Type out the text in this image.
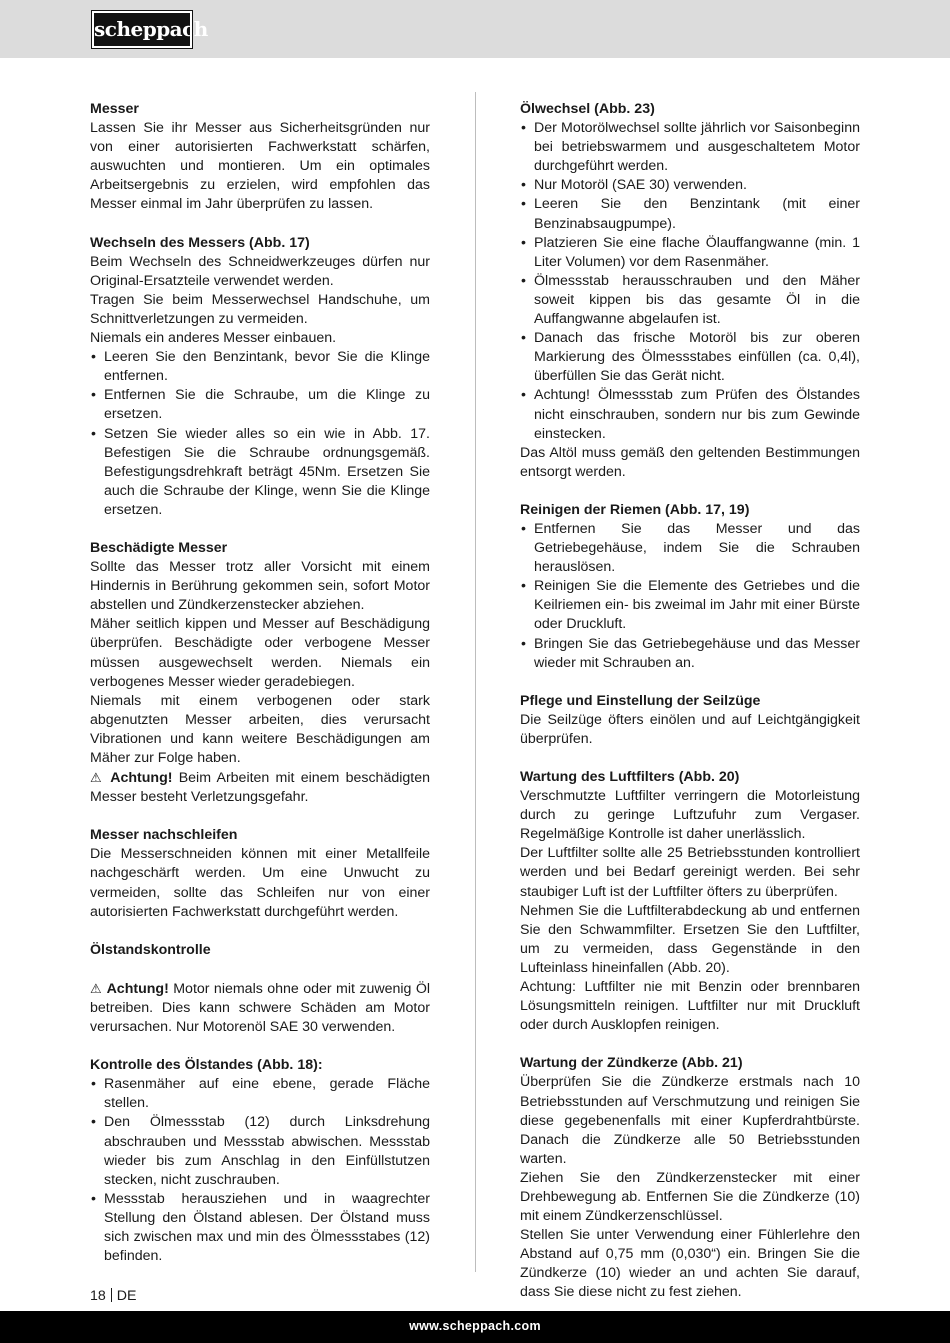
scheppach
Messer
Lassen Sie ihr Messer aus Sicherheitsgründen nur von einer autorisierten Fachwerkstatt schärfen, auswuchten und montieren. Um ein optimales Arbeitsergebnis zu erzielen, wird empfohlen das Messer einmal im Jahr überprüfen zu lassen.
Wechseln des Messers (Abb. 17)
Beim Wechseln des Schneidwerkzeuges dürfen nur Original-Ersatzteile verwendet werden.
Tragen Sie beim Messerwechsel Handschuhe, um Schnittverletzungen zu vermeiden.
Niemals ein anderes Messer einbauen.
• Leeren Sie den Benzintank, bevor Sie die Klinge entfernen.
• Entfernen Sie die Schraube, um die Klinge zu ersetzen.
• Setzen Sie wieder alles so ein wie in Abb. 17. Befestigen Sie die Schraube ordnungsgemäß. Befestigungsdrehkraft beträgt 45Nm. Ersetzen Sie auch die Schraube der Klinge, wenn Sie die Klinge ersetzen.
Beschädigte Messer
Sollte das Messer trotz aller Vorsicht mit einem Hindernis in Berührung gekommen sein, sofort Motor abstellen und Zündkerzenstecker abziehen.
Mäher seitlich kippen und Messer auf Beschädigung überprüfen. Beschädigte oder verbogene Messer müssen ausgewechselt werden. Niemals ein verbogenes Messer wieder geradebiegen.
Niemals mit einem verbogenen oder stark abgenutzten Messer arbeiten, dies verursacht Vibrationen und kann weitere Beschädigungen am Mäher zur Folge haben.
⚠ Achtung! Beim Arbeiten mit einem beschädigten Messer besteht Verletzungsgefahr.
Messer nachschleifen
Die Messerschneiden können mit einer Metallfeile nachgeschärft werden. Um eine Unwucht zu vermeiden, sollte das Schleifen nur von einer autorisierten Fachwerkstatt durchgeführt werden.
Ölstandskontrolle
⚠ Achtung! Motor niemals ohne oder mit zuwenig Öl betreiben. Dies kann schwere Schäden am Motor verursachen. Nur Motorenöl SAE 30 verwenden.
Kontrolle des Ölstandes (Abb. 18):
• Rasenmäher auf eine ebene, gerade Fläche stellen.
• Den Ölmessstab (12) durch Linksdrehung abschrauben und Messstab abwischen. Messstab wieder bis zum Anschlag in den Einfüllstutzen stecken, nicht zuschrauben.
• Messstab herausziehen und in waagrechter Stellung den Ölstand ablesen. Der Ölstand muss sich zwischen max und min des Ölmessstabes (12) befinden.
Ölwechsel (Abb. 23)
• Der Motorölwechsel sollte jährlich vor Saisonbeginn bei betriebswarmem und ausgeschaltetem Motor durchgeführt werden.
• Nur Motoröl (SAE 30) verwenden.
• Leeren Sie den Benzintank (mit einer Benzinabsaugpumpe).
• Platzieren Sie eine flache Ölauffangwanne (min. 1 Liter Volumen) vor dem Rasenmäher.
• Ölmessstab herausschrauben und den Mäher soweit kippen bis das gesamte Öl in die Auffangwanne abgelaufen ist.
• Danach das frische Motoröl bis zur oberen Markierung des Ölmessstabes einfüllen (ca. 0,4l), überfüllen Sie das Gerät nicht.
• Achtung! Ölmessstab zum Prüfen des Ölstandes nicht einschrauben, sondern nur bis zum Gewinde einstecken.
Das Altöl muss gemäß den geltenden Bestimmungen entsorgt werden.
Reinigen der Riemen (Abb. 17, 19)
• Entfernen Sie das Messer und das Getriebegehäuse, indem Sie die Schrauben herauslösen.
• Reinigen Sie die Elemente des Getriebes und die Keilriemen ein- bis zweimal im Jahr mit einer Bürste oder Druckluft.
• Bringen Sie das Getriebegehäuse und das Messer wieder mit Schrauben an.
Pflege und Einstellung der Seilzüge
Die Seilzüge öfters einölen und auf Leichtgängigkeit überprüfen.
Wartung des Luftfilters (Abb. 20)
Verschmutzte Luftfilter verringern die Motorleistung durch zu geringe Luftzufuhr zum Vergaser. Regelmäßige Kontrolle ist daher unerlässlich.
Der Luftfilter sollte alle 25 Betriebsstunden kontrolliert werden und bei Bedarf gereinigt werden. Bei sehr staubiger Luft ist der Luftfilter öfters zu überprüfen.
Nehmen Sie die Luftfilterabdeckung ab und entfernen Sie den Schwammfilter. Ersetzen Sie den Luftfilter, um zu vermeiden, dass Gegenstände in den Lufteinlass hineinfallen (Abb. 20).
Achtung: Luftfilter nie mit Benzin oder brennbaren Lösungsmitteln reinigen. Luftfilter nur mit Druckluft oder durch Ausklopfen reinigen.
Wartung der Zündkerze (Abb. 21)
Überprüfen Sie die Zündkerze erstmals nach 10 Betriebsstunden auf Verschmutzung und reinigen Sie diese gegebenenfalls mit einer Kupferdrahtbürste. Danach die Zündkerze alle 50 Betriebsstunden warten.
Ziehen Sie den Zündkerzenstecker mit einer Drehbewegung ab. Entfernen Sie die Zündkerze (10) mit einem Zündkerzenschlüssel.
Stellen Sie unter Verwendung einer Fühlerlehre den Abstand auf 0,75 mm (0,030“) ein. Bringen Sie die Zündkerze (10) wieder an und achten Sie darauf, dass Sie diese nicht zu fest ziehen.
18 DE
www.scheppach.com
